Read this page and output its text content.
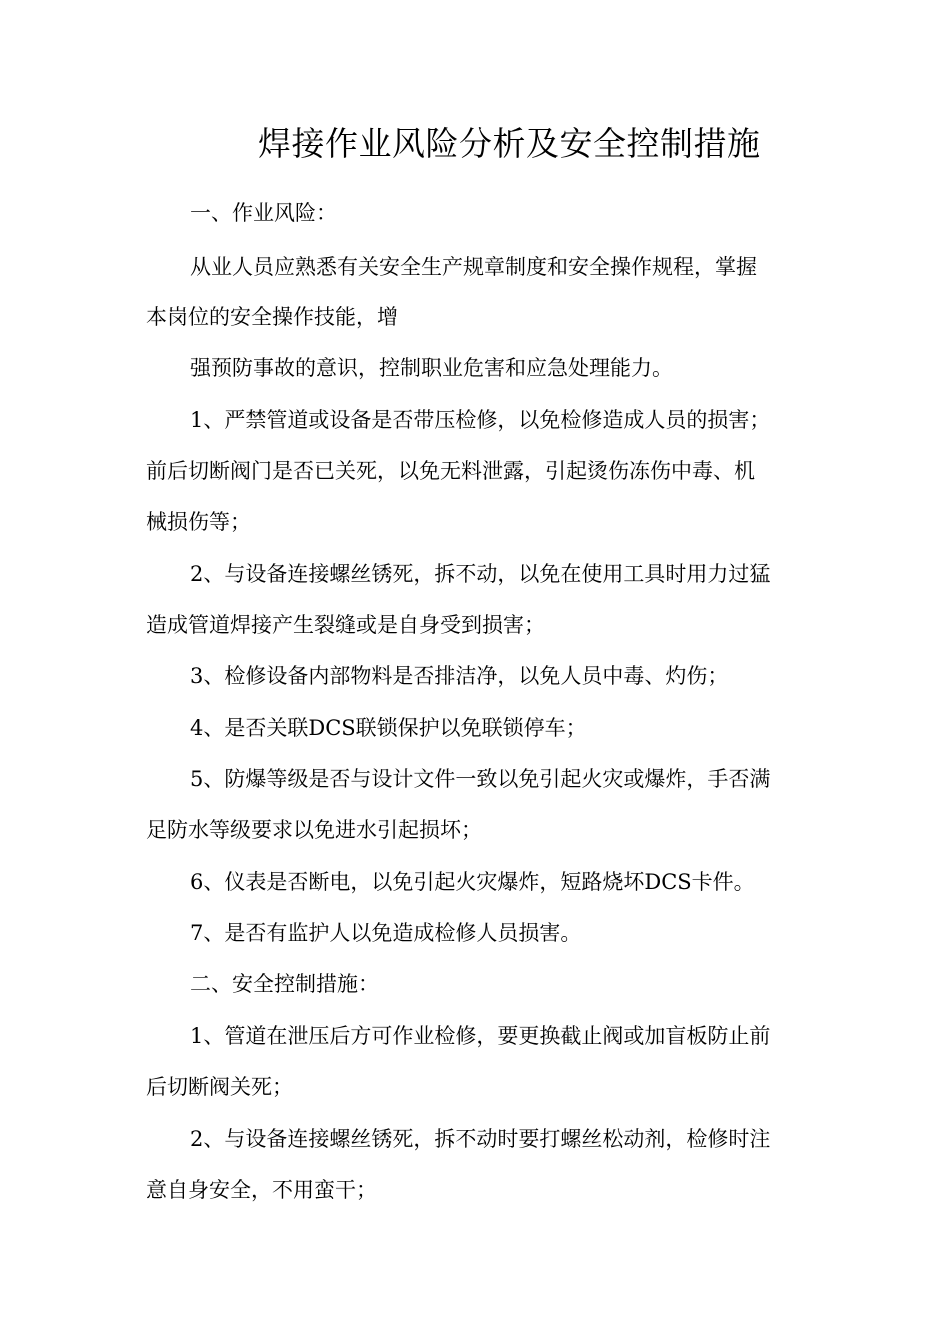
焊接作业风险分析及安全控制措施
一、作业风险：
从业人员应熟悉有关安全生产规章制度和安全操作规程，掌握
本岗位的安全操作技能，增
强预防事故的意识，控制职业危害和应急处理能力。
1、严禁管道或设备是否带压检修，以免检修造成人员的损害；
前后切断阀门是否已关死，以免无料泄露，引起烫伤冻伤中毒、机
械损伤等；
2、与设备连接螺丝锈死，拆不动，以免在使用工具时用力过猛
造成管道焊接产生裂缝或是自身受到损害；
3、检修设备内部物料是否排洁净，以免人员中毒、灼伤；
4、是否关联DCS联锁保护以免联锁停车；
5、防爆等级是否与设计文件一致以免引起火灾或爆炸，手否满
足防水等级要求以免进水引起损坏；
6、仪表是否断电，以免引起火灾爆炸，短路烧坏DCS卡件。
7、是否有监护人以免造成检修人员损害。
二、安全控制措施：
1、管道在泄压后方可作业检修，要更换截止阀或加盲板防止前
后切断阀关死；
2、与设备连接螺丝锈死，拆不动时要打螺丝松动剂，检修时注
意自身安全，不用蛮干；
